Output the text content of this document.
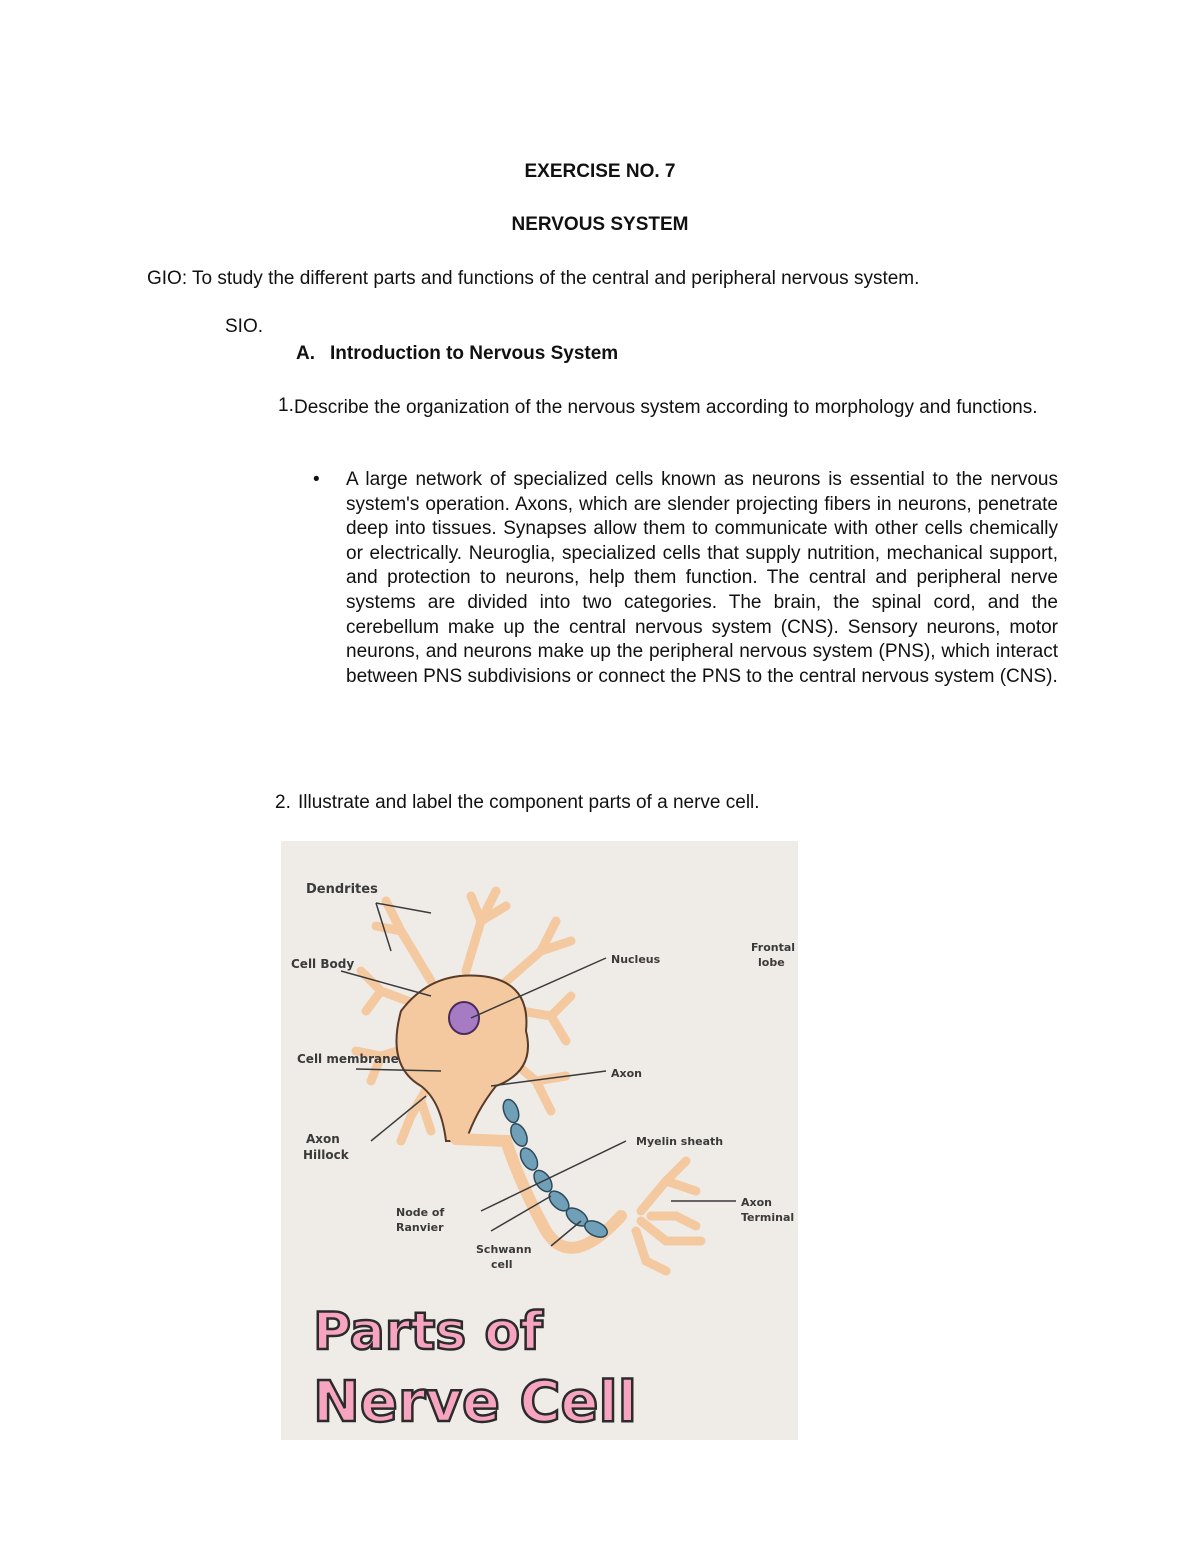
EXERCISE NO. 7
NERVOUS SYSTEM
GIO: To study the different parts and functions of the central and peripheral nervous system.
SIO.
A. Introduction to Nervous System
1. Describe the organization of the nervous system according to morphology and functions.
• A large network of specialized cells known as neurons is essential to the nervous system's operation. Axons, which are slender projecting fibers in neurons, penetrate deep into tissues. Synapses allow them to communicate with other cells chemically or electrically. Neuroglia, specialized cells that supply nutrition, mechanical support, and protection to neurons, help them function. The central and peripheral nerve systems are divided into two categories. The brain, the spinal cord, and the cerebellum make up the central nervous system (CNS). Sensory neurons, motor neurons, and neurons make up the peripheral nervous system (PNS), which interact between PNS subdivisions or connect the PNS to the central nervous system (CNS).
2. Illustrate and label the component parts of a nerve cell.
Dendrites
Cell Body
Cell membrane
Axon
Hillock
Nucleus
Axon
Myelin sheath
Axon
Terminal
Node of
Ranvier
Schwann
cell
Frontal
lobe
Parts of
Nerve Cell
